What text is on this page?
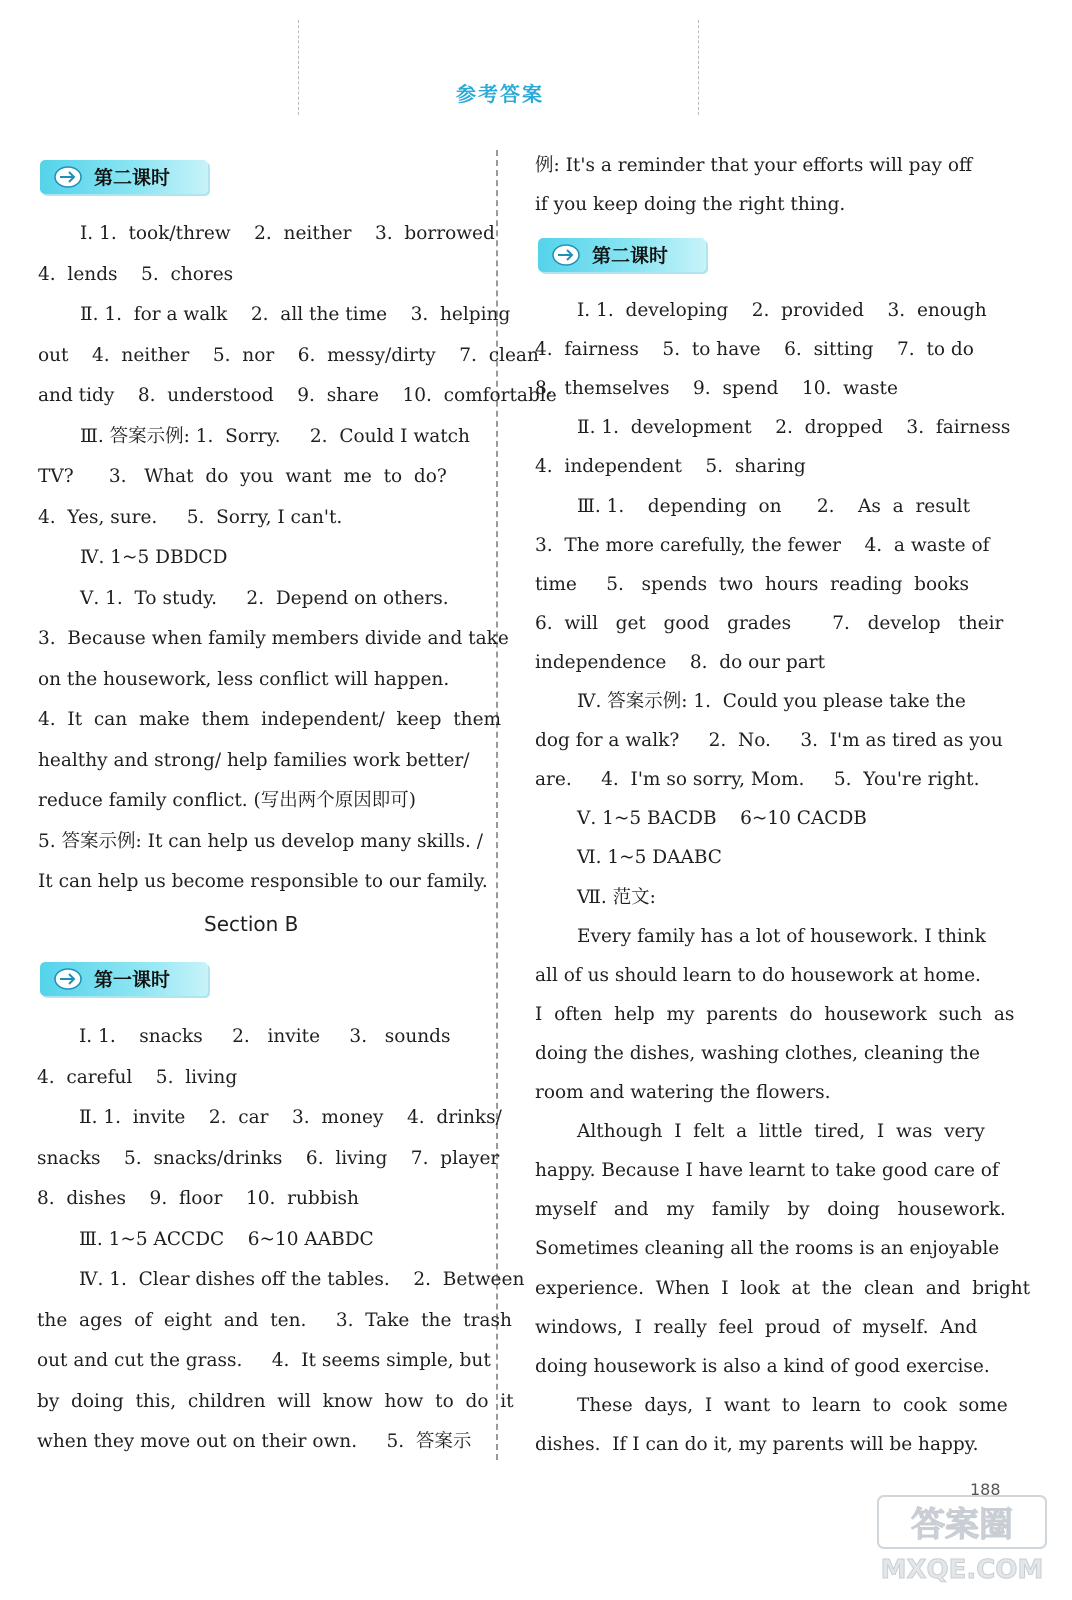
参考答案
第二课时
Ⅰ. 1.  took/threw    2.  neither    3.  borrowed
4.  lends    5.  chores
Ⅱ. 1.  for a walk    2.  all the time    3.  helping
out    4.  neither    5.  nor    6.  messy/dirty    7.  clean
and tidy    8.  understood    9.  share    10.  comfortable
Ⅲ. 答案示例: 1.  Sorry.     2.  Could I watch
TV?      3.   What  do  you  want  me  to  do?
4.  Yes, sure.     5.  Sorry, I can't.
Ⅳ. 1~5 DBDCD
Ⅴ. 1.  To study.     2.  Depend on others.
3.  Because when family members divide and take
on the housework, less conflict will happen.
4.  It  can  make  them  independent/  keep  them
healthy and strong/ help families work better/
reduce family conflict. (写出两个原因即可)
5. 答案示例: It can help us develop many skills. /
It can help us become responsible to our family.
Section B
第一课时
Ⅰ. 1.    snacks     2.   invite     3.   sounds
4.  careful    5.  living
Ⅱ. 1.  invite    2.  car    3.  money    4.  drinks/
snacks    5.  snacks/drinks    6.  living    7.  player
8.  dishes    9.  floor    10.  rubbish
Ⅲ. 1~5 ACCDC    6~10 AABDC
Ⅳ. 1.  Clear dishes off the tables.    2.  Between
the  ages  of  eight  and  ten.     3.  Take  the  trash
out and cut the grass.     4.  It seems simple, but
by  doing  this,  children  will  know  how  to  do  it
when they move out on their own.     5.  答案示
例: It's a reminder that your efforts will pay off
if you keep doing the right thing.
第二课时
Ⅰ. 1.  developing    2.  provided    3.  enough
4.  fairness    5.  to have    6.  sitting    7.  to do
8.  themselves    9.  spend    10.  waste
Ⅱ. 1.  development    2.  dropped    3.  fairness
4.  independent    5.  sharing
Ⅲ. 1.    depending  on      2.    As  a  result
3.  The more carefully, the fewer    4.  a waste of
time     5.   spends  two  hours  reading  books
6.  will   get   good   grades       7.   develop   their
independence    8.  do our part
Ⅳ. 答案示例: 1.  Could you please take the
dog for a walk?     2.  No.     3.  I'm as tired as you
are.     4.  I'm so sorry, Mom.     5.  You're right.
Ⅴ. 1~5 BACDB    6~10 CACDB
Ⅵ. 1~5 DAABC
Ⅶ. 范文:
Every family has a lot of housework. I think
all of us should learn to do housework at home.
I  often  help  my  parents  do  housework  such  as
doing the dishes, washing clothes, cleaning the
room and watering the flowers.
Although  I  felt  a  little  tired,  I  was  very
happy. Because I have learnt to take good care of
myself   and   my   family   by   doing   housework.
Sometimes cleaning all the rooms is an enjoyable
experience.  When  I  look  at  the  clean  and  bright
windows,  I  really  feel  proud  of  myself.  And
doing housework is also a kind of good exercise.
These  days,  I  want  to  learn  to  cook  some
dishes.  If I can do it, my parents will be happy.
188
答案圈
MXQE.COM
